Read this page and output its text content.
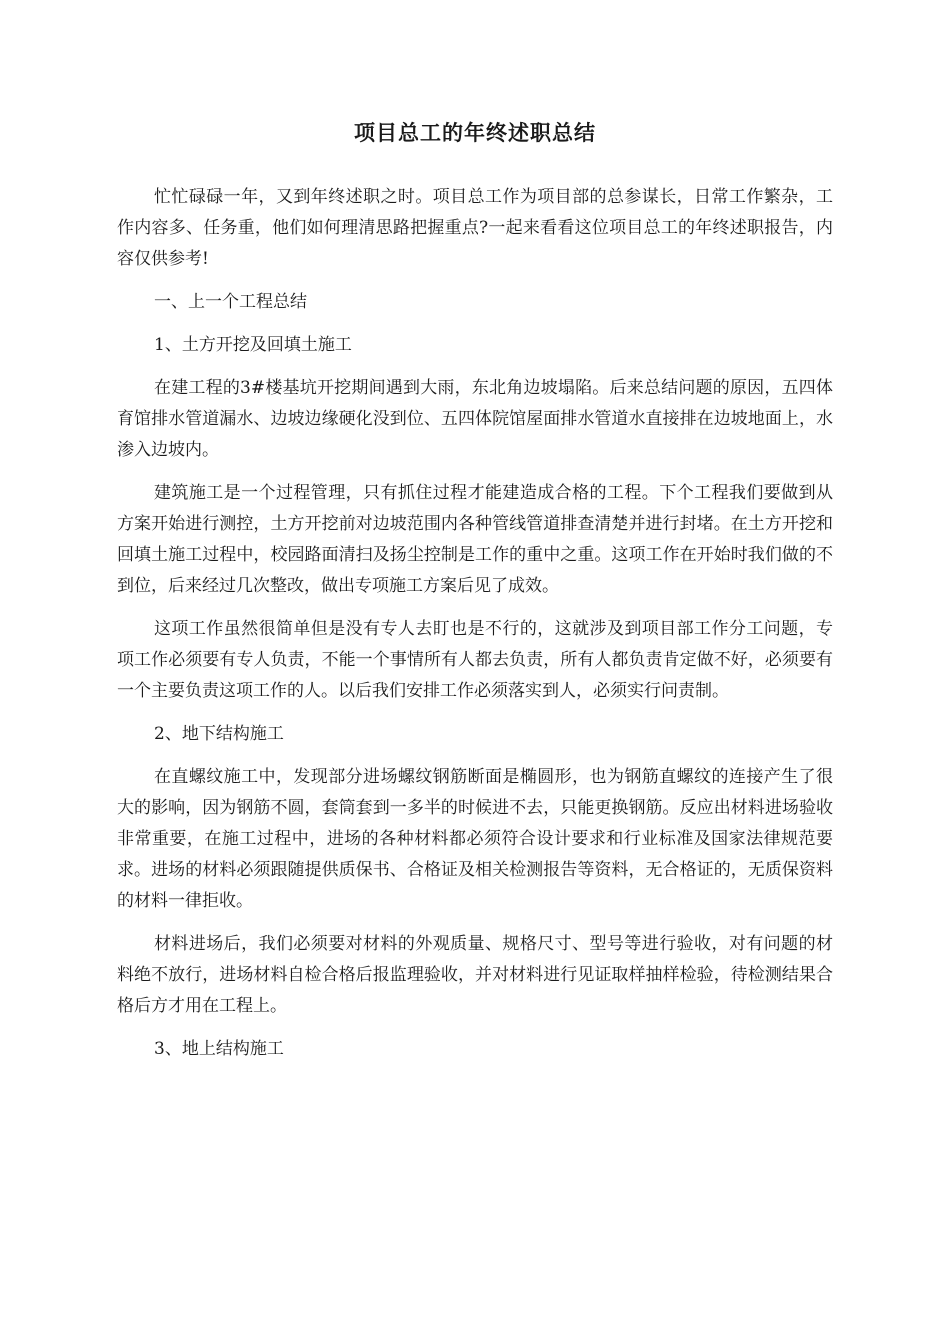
项目总工的年终述职总结

忙忙碌碌一年，又到年终述职之时。项目总工作为项目部的总参谋长，日常工作繁杂，工作内容多、任务重，他们如何理清思路把握重点?一起来看看这位项目总工的年终述职报告，内容仅供参考!

一、上一个工程总结

1、土方开挖及回填土施工

在建工程的3#楼基坑开挖期间遇到大雨，东北角边坡塌陷。后来总结问题的原因，五四体育馆排水管道漏水、边坡边缘硬化没到位、五四体院馆屋面排水管道水直接排在边坡地面上，水渗入边坡内。

建筑施工是一个过程管理，只有抓住过程才能建造成合格的工程。下个工程我们要做到从方案开始进行测控，土方开挖前对边坡范围内各种管线管道排查清楚并进行封堵。在土方开挖和回填土施工过程中，校园路面清扫及扬尘控制是工作的重中之重。这项工作在开始时我们做的不到位，后来经过几次整改，做出专项施工方案后见了成效。

这项工作虽然很简单但是没有专人去盯也是不行的，这就涉及到项目部工作分工问题，专项工作必须要有专人负责，不能一个事情所有人都去负责，所有人都负责肯定做不好，必须要有一个主要负责这项工作的人。以后我们安排工作必须落实到人，必须实行问责制。

2、地下结构施工

在直螺纹施工中，发现部分进场螺纹钢筋断面是椭圆形，也为钢筋直螺纹的连接产生了很大的影响，因为钢筋不圆，套筒套到一多半的时候进不去，只能更换钢筋。反应出材料进场验收非常重要，在施工过程中，进场的各种材料都必须符合设计要求和行业标准及国家法律规范要求。进场的材料必须跟随提供质保书、合格证及相关检测报告等资料，无合格证的，无质保资料的材料一律拒收。

材料进场后，我们必须要对材料的外观质量、规格尺寸、型号等进行验收，对有问题的材料绝不放行，进场材料自检合格后报监理验收，并对材料进行见证取样抽样检验，待检测结果合格后方才用在工程上。

3、地上结构施工
